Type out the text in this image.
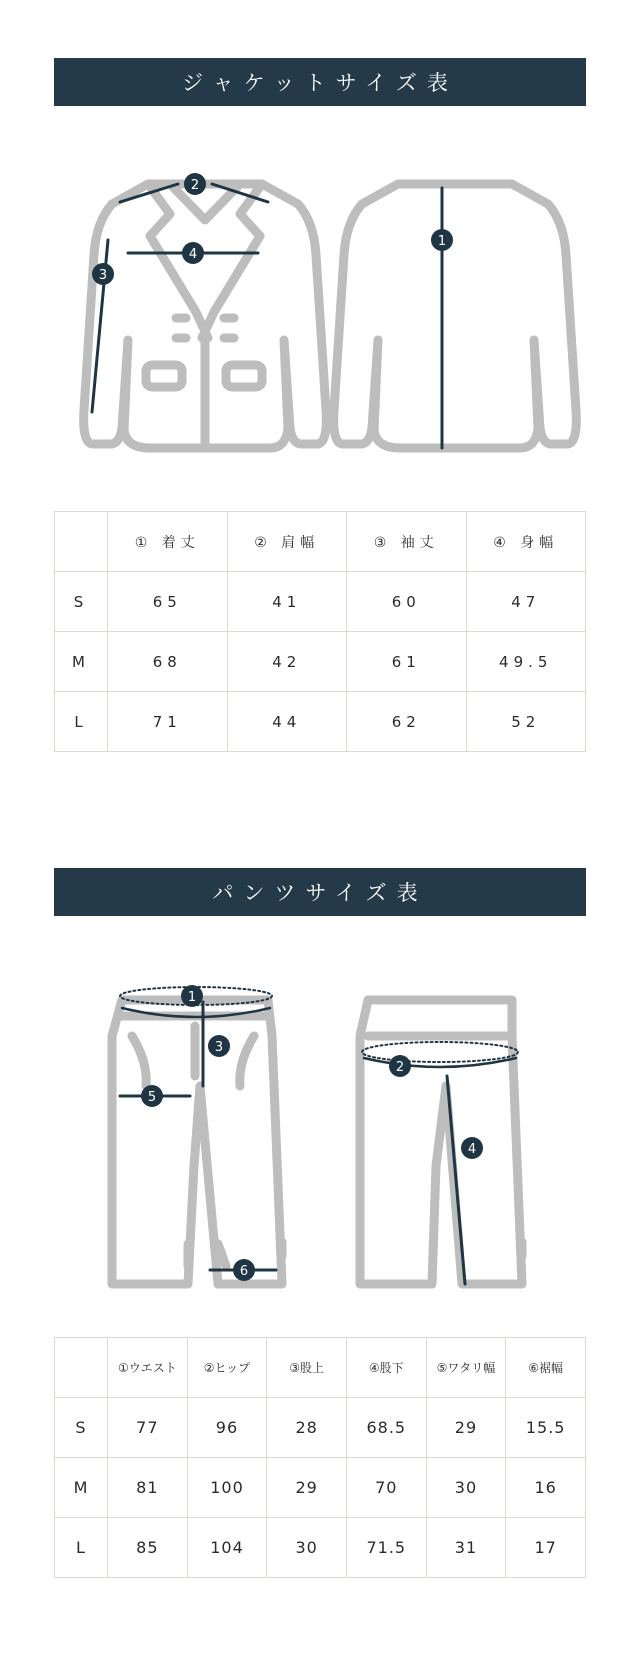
ジャケットサイズ表
2
4
3
1
	① 着丈	② 肩幅	③ 袖丈	④ 身幅
S	65	41	60	47
M	68	42	61	49.5
L	71	44	62	52
パンツサイズ表
1
3
5
6
2
4
	①ウエスト	②ヒップ	③股上	④股下	⑤ワタリ幅	⑥裾幅
S	77	96	28	68.5	29	15.5
M	81	100	29	70	30	16
L	85	104	30	71.5	31	17
